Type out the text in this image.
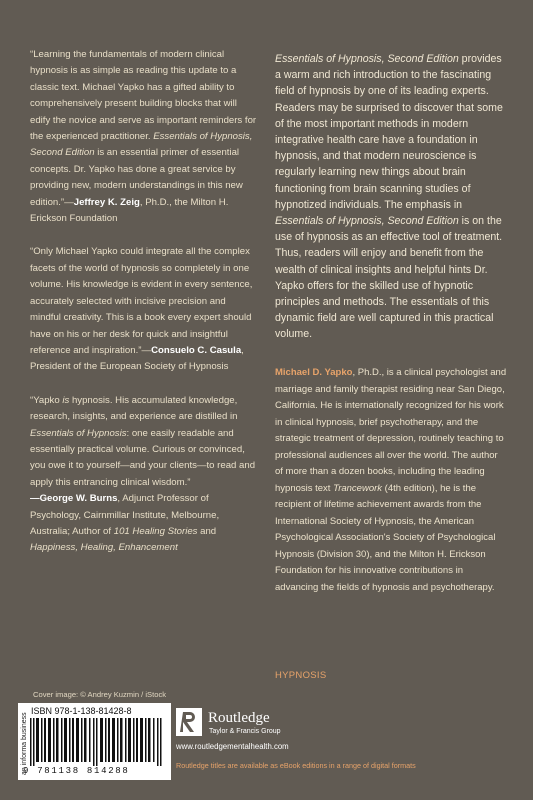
“Learning the fundamentals of modern clinical hypnosis is as simple as reading this update to a classic text. Michael Yapko has a gifted ability to comprehensively present building blocks that will edify the novice and serve as important reminders for the experienced practitioner. Essentials of Hypnosis, Second Edition is an essential primer of essential concepts. Dr. Yapko has done a great service by providing new, modern understandings in this new edition.”—Jeffrey K. Zeig, Ph.D., the Milton H. Erickson Foundation

“Only Michael Yapko could integrate all the complex facets of the world of hypnosis so completely in one volume. His knowledge is evident in every sentence, accurately selected with incisive precision and mindful creativity. This is a book every expert should have on his or her desk for quick and insightful reference and inspiration.”—Consuelo C. Casula, President of the European Society of Hypnosis

“Yapko is hypnosis. His accumulated knowledge, research, insights, and experience are distilled in Essentials of Hypnosis: one easily readable and essentially practical volume. Curious or convinced, you owe it to yourself—and your clients—to read and apply this entrancing clinical wisdom.”
—George W. Burns, Adjunct Professor of Psychology, Cairnmillar Institute, Melbourne, Australia; Author of 101 Healing Stories and Happiness, Healing, Enhancement

Essentials of Hypnosis, Second Edition provides a warm and rich introduction to the fascinating field of hypnosis by one of its leading experts. Readers may be surprised to discover that some of the most important methods in modern integrative health care have a foundation in hypnosis, and that modern neuroscience is regularly learning new things about brain functioning from brain scanning studies of hypnotized individuals. The emphasis in Essentials of Hypnosis, Second Edition is on the use of hypnosis as an effective tool of treatment. Thus, readers will enjoy and benefit from the wealth of clinical insights and helpful hints Dr. Yapko offers for the skilled use of hypnotic principles and methods. The essentials of this dynamic field are well captured in this practical volume.

Michael D. Yapko, Ph.D., is a clinical psychologist and marriage and family therapist residing near San Diego, California. He is internationally recognized for his work in clinical hypnosis, brief psychotherapy, and the strategic treatment of depression, routinely teaching to professional audiences all over the world. The author of more than a dozen books, including the leading hypnosis text Trancework (4th edition), he is the recipient of lifetime achievement awards from the International Society of Hypnosis, the American Psychological Association's Society of Psychological Hypnosis (Division 30), and the Milton H. Erickson Foundation for his innovative contributions in advancing the fields of hypnosis and psychotherapy.

HYPNOSIS
Cover image: © Andrey Kuzmin / iStock
an informa business
ISBN 978-1-138-81428-8
9 781138 814288
Routledge
Taylor & Francis Group
www.routledgementalhealth.com
Routledge titles are available as eBook editions in a range of digital formats
